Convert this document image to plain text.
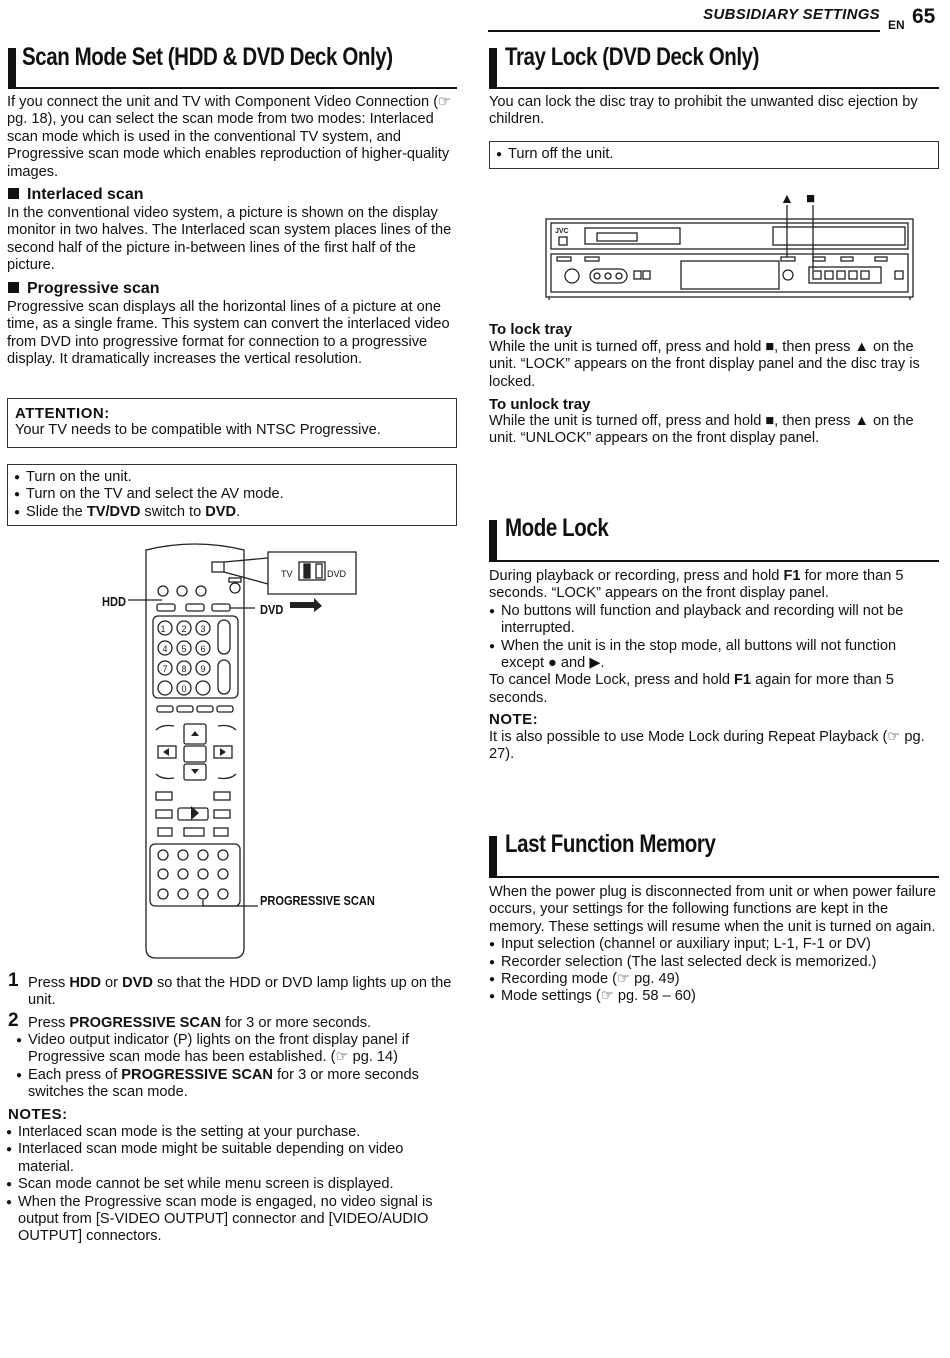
SUBSIDIARY SETTINGS
EN 65
Scan Mode Set (HDD & DVD Deck Only)
If you connect the unit and TV with Component Video Connection (☞ pg. 18), you can select the scan mode from two modes: Interlaced scan mode which is used in the conventional TV system, and Progressive scan mode which enables reproduction of higher-quality images.
Interlaced scan
In the conventional video system, a picture is shown on the display monitor in two halves. The Interlaced scan system places lines of the second half of the picture in-between lines of the first half of the picture.
Progressive scan
Progressive scan displays all the horizontal lines of a picture at one time, as a single frame. This system can convert the interlaced video from DVD into progressive format for connection to a progressive display. It dramatically increases the vertical resolution.
ATTENTION:
Your TV needs to be compatible with NTSC Progressive.
● Turn on the unit.
● Turn on the TV and select the AV mode.
● Slide the TV/DVD switch to DVD.
1 2 3
4 5 6
7 8 9
0
TV	DVD
HDD
DVD
PROGRESSIVE SCAN
1 Press HDD or DVD so that the HDD or DVD lamp lights up on the unit.
2 Press PROGRESSIVE SCAN for 3 or more seconds.
● Video output indicator (P) lights on the front display panel if Progressive scan mode has been established. (☞ pg. 14)
● Each press of PROGRESSIVE SCAN for 3 or more seconds switches the scan mode.
NOTES:
● Interlaced scan mode is the setting at your purchase.
● Interlaced scan mode might be suitable depending on video material.
● Scan mode cannot be set while menu screen is displayed.
● When the Progressive scan mode is engaged, no video signal is output from [S-VIDEO OUTPUT] connector and [VIDEO/AUDIO OUTPUT] connectors.
Tray Lock (DVD Deck Only)
You can lock the disc tray to prohibit the unwanted disc ejection by children.
● Turn off the unit.
▲ ■
JVC
To lock tray
While the unit is turned off, press and hold ■, then press ▲ on the unit. “LOCK” appears on the front display panel and the disc tray is locked.
To unlock tray
While the unit is turned off, press and hold ■, then press ▲ on the unit. “UNLOCK” appears on the front display panel.
Mode Lock
During playback or recording, press and hold F1 for more than 5 seconds. “LOCK” appears on the front display panel.
● No buttons will function and playback and recording will not be interrupted.
● When the unit is in the stop mode, all buttons will not function except ● and ▶.
To cancel Mode Lock, press and hold F1 again for more than 5 seconds.
NOTE:
It is also possible to use Mode Lock during Repeat Playback (☞ pg. 27).
Last Function Memory
When the power plug is disconnected from unit or when power failure occurs, your settings for the following functions are kept in the memory. These settings will resume when the unit is turned on again.
● Input selection (channel or auxiliary input; L-1, F-1 or DV)
● Recorder selection (The last selected deck is memorized.)
● Recording mode (☞ pg. 49)
● Mode settings (☞ pg. 58 – 60)
